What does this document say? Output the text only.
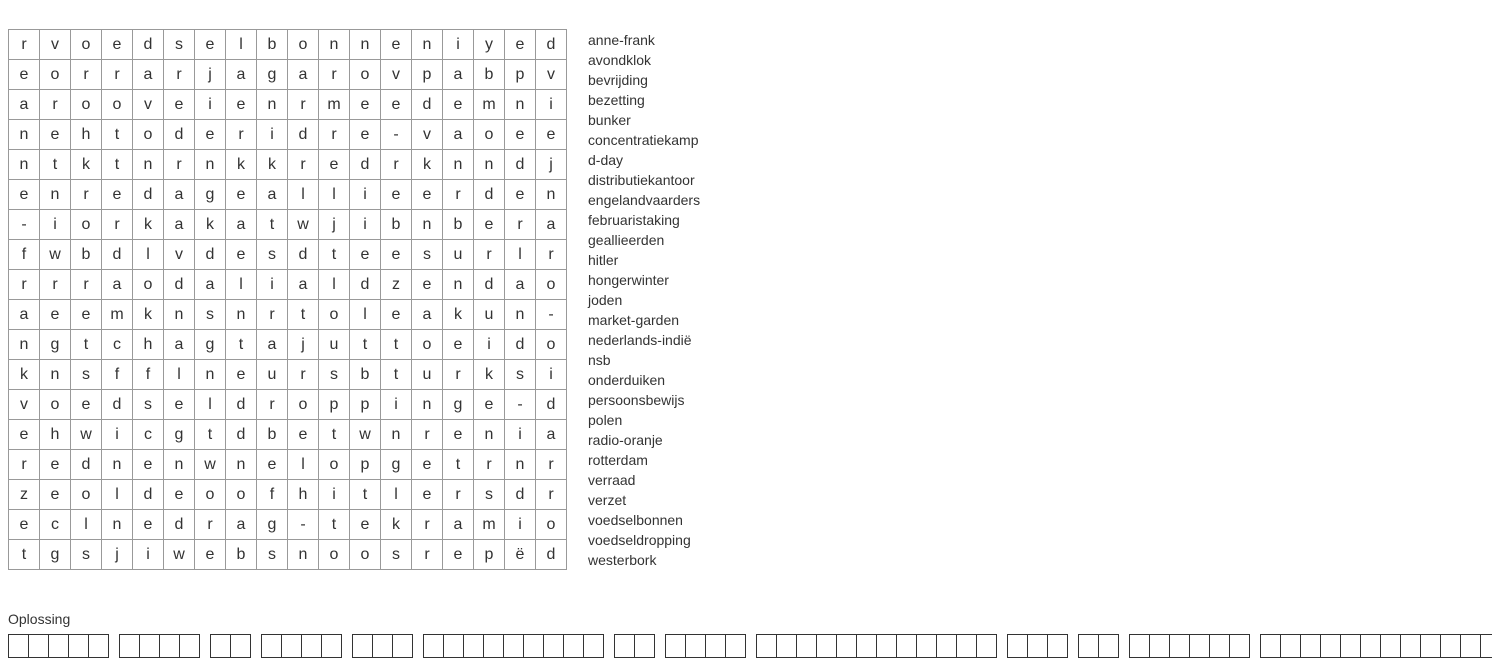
r	v	o	e	d	s	e	l	b	o	n	n	e	n	i	y	e	d
e	o	r	r	a	r	j	a	g	a	r	o	v	p	a	b	p	v
a	r	o	o	v	e	i	e	n	r	m	e	e	d	e	m	n	i
n	e	h	t	o	d	e	r	i	d	r	e	-	v	a	o	e	e
n	t	k	t	n	r	n	k	k	r	e	d	r	k	n	n	d	j
e	n	r	e	d	a	g	e	a	l	l	i	e	e	r	d	e	n
-	i	o	r	k	a	k	a	t	w	j	i	b	n	b	e	r	a
f	w	b	d	l	v	d	e	s	d	t	e	e	s	u	r	l	r
r	r	r	a	o	d	a	l	i	a	l	d	z	e	n	d	a	o
a	e	e	m	k	n	s	n	r	t	o	l	e	a	k	u	n	-
n	g	t	c	h	a	g	t	a	j	u	t	t	o	e	i	d	o
k	n	s	f	f	l	n	e	u	r	s	b	t	u	r	k	s	i
v	o	e	d	s	e	l	d	r	o	p	p	i	n	g	e	-	d
e	h	w	i	c	g	t	d	b	e	t	w	n	r	e	n	i	a
r	e	d	n	e	n	w	n	e	l	o	p	g	e	t	r	n	r
z	e	o	l	d	e	o	o	f	h	i	t	l	e	r	s	d	r
e	c	l	n	e	d	r	a	g	-	t	e	k	r	a	m	i	o
t	g	s	j	i	w	e	b	s	n	o	o	s	r	e	p	ë	d
anne-frank
avondklok
bevrijding
bezetting
bunker
concentratiekamp
d-day
distributiekantoor
engelandvaarders
februaristaking
geallieerden
hitler
hongerwinter
joden
market-garden
nederlands-indië
nsb
onderduiken
persoonsbewijs
polen
radio-oranje
rotterdam
verraad
verzet
voedselbonnen
voedseldropping
westerbork
Oplossing
